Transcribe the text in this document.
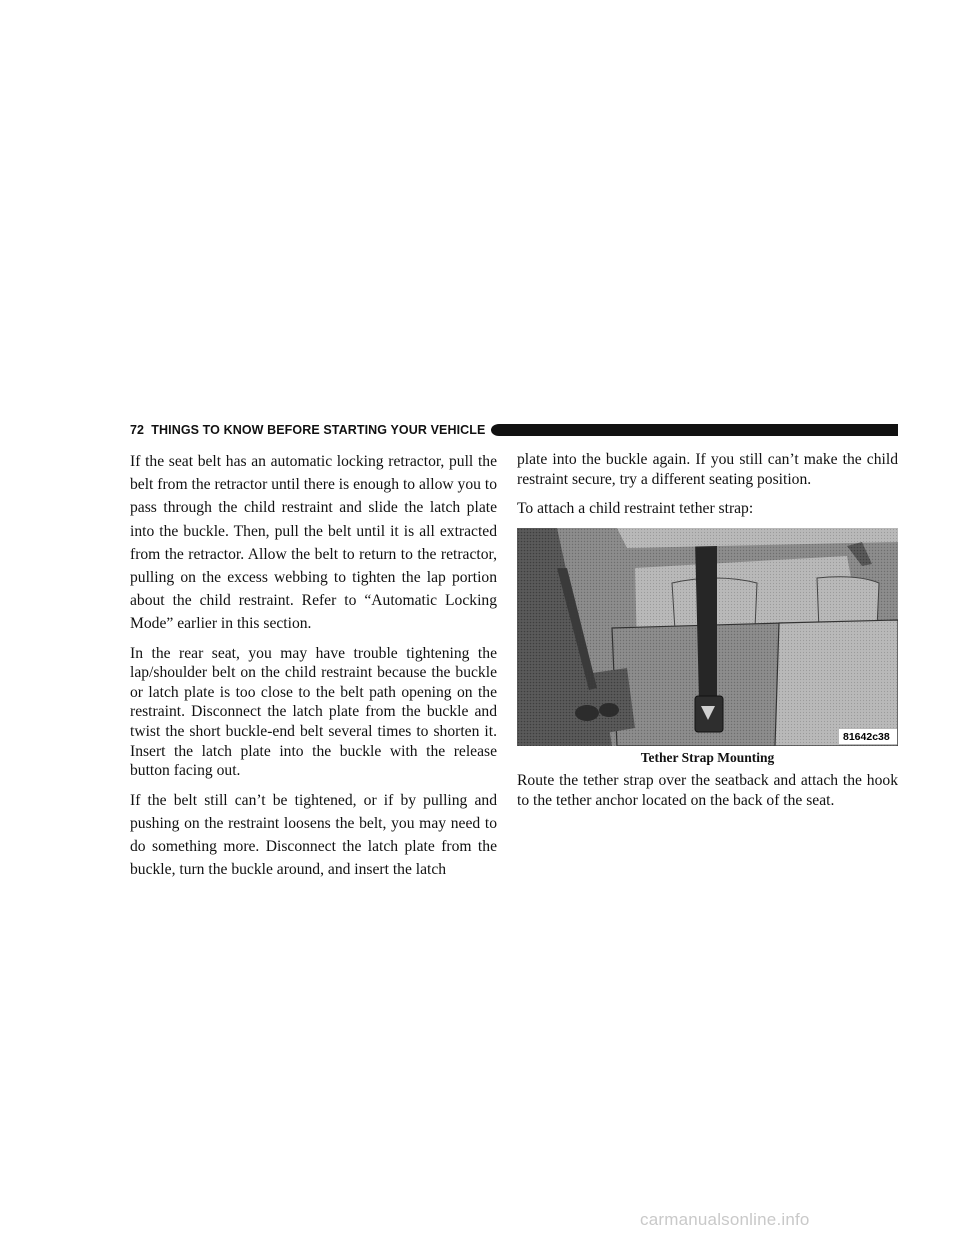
72 THINGS TO KNOW BEFORE STARTING YOUR VEHICLE

If the seat belt has an automatic locking retractor, pull the belt from the retractor until there is enough to allow you to pass through the child restraint and slide the latch plate into the buckle. Then, pull the belt until it is all extracted from the retractor. Allow the belt to return to the retractor, pulling on the excess webbing to tighten the lap portion about the child restraint. Refer to “Automatic Locking Mode” earlier in this section.

In the rear seat, you may have trouble tightening the lap/shoulder belt on the child restraint because the buckle or latch plate is too close to the belt path opening on the restraint. Disconnect the latch plate from the buckle and twist the short buckle-end belt several times to shorten it. Insert the latch plate into the buckle with the release button facing out.

If the belt still can’t be tightened, or if by pulling and pushing on the restraint loosens the belt, you may need to do something more. Disconnect the latch plate from the buckle, turn the buckle around, and insert the latch

plate into the buckle again. If you still can’t make the child restraint secure, try a different seating position.

To attach a child restraint tether strap:

81642c38
Tether Strap Mounting

Route the tether strap over the seatback and attach the hook to the tether anchor located on the back of the seat.

carmanualsonline.info
